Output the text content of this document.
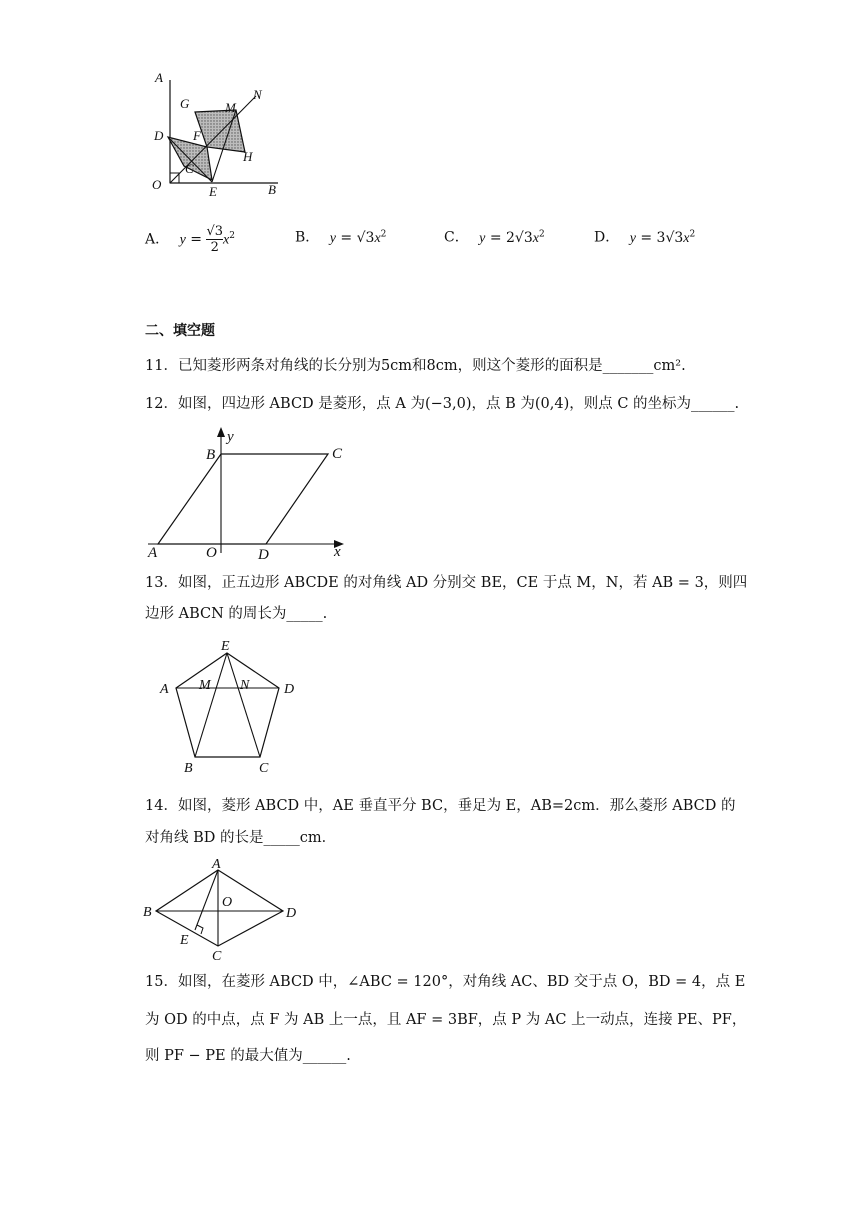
A
G	M
N
D F
C
H
O	E	B
A． $y = \frac{√3}{2} x^2$	B． $y = √3x^2$	C． $y = 2√3x^2$	D． $y = 3√3x^2$
二、填空题
11．已知菱形两条对角线的长分别为5cm和8cm，则这个菱形的面积是_______cm².
12．如图，四边形 ABCD 是菱形，点 A 为(−3,0)，点 B 为(0,4)，则点 C 的坐标为______.
B
y
C
A	O	D	x
13．如图，正五边形 ABCDE 的对角线 AD 分别交 BE，CE 于点 M，N，若 AB = 3，则四
边形 ABCN 的周长为_____.
E
A M N D
B	C
14．如图，菱形 ABCD 中，AE 垂直平分 BC，垂足为 E，AB=2cm．那么菱形 ABCD 的
对角线 BD 的长是_____cm．
A
O
B	D
E
C
15．如图，在菱形 ABCD 中，∠ABC = 120°，对角线 AC、BD 交于点 O，BD = 4，点 E
为 OD 的中点，点 F 为 AB 上一点，且 AF = 3BF，点 P 为 AC 上一动点，连接 PE、PF，
则 PF − PE 的最大值为______.
